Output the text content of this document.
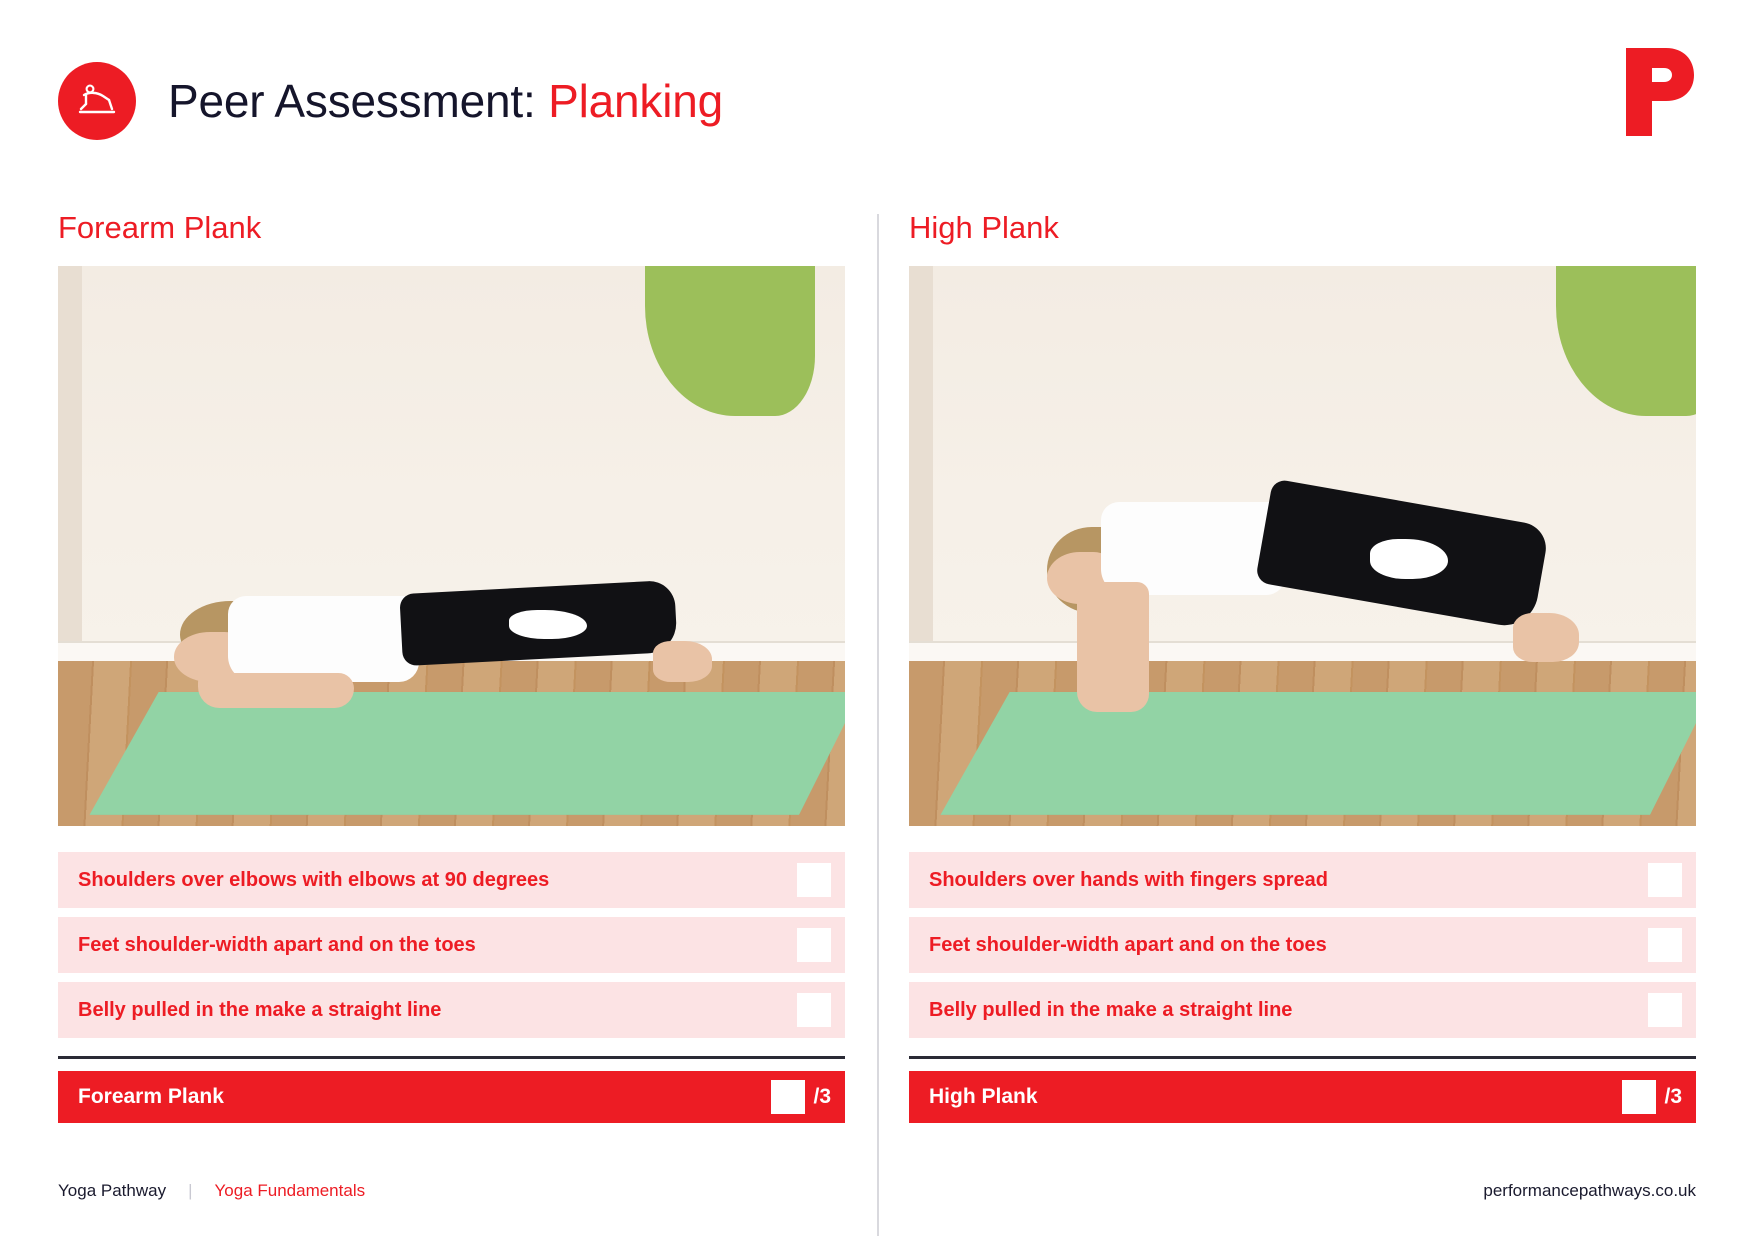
Peer Assessment: Planking
Forearm Plank
Shoulders over elbows with elbows at 90 degrees
Feet shoulder-width apart and on the toes
Belly pulled in the make a straight line
Forearm Plank	/3
High Plank
Shoulders over hands with fingers spread
Feet shoulder-width apart and on the toes
Belly pulled in the make a straight line
High Plank	/3
Yoga Pathway | Yoga Fundamentals	performancepathways.co.uk
